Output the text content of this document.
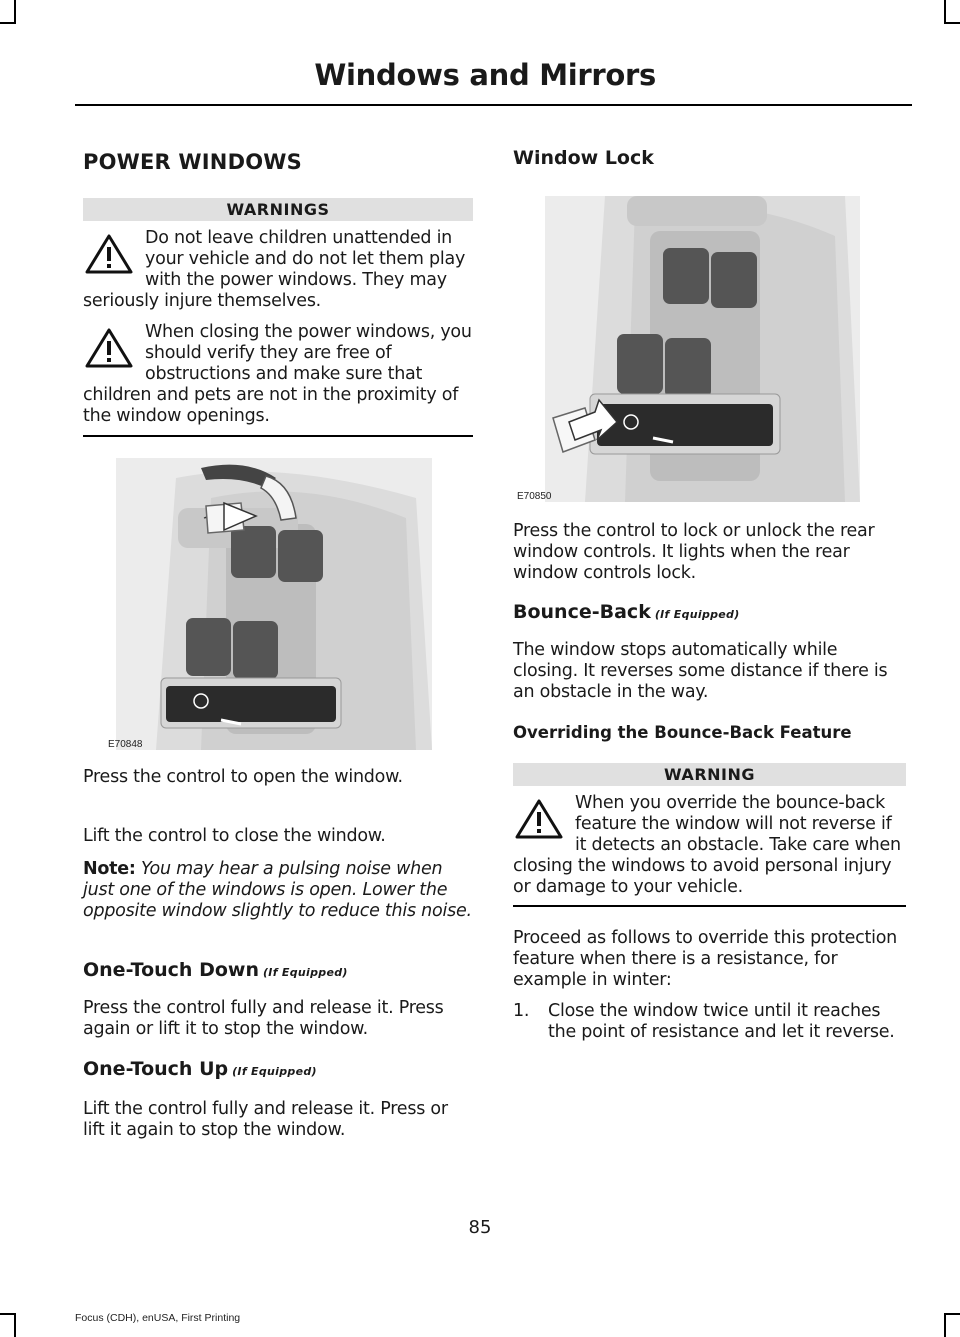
Windows and Mirrors
POWER WINDOWS
WARNINGS
Do not leave children unattended in your vehicle and do not let them play with the power windows. They may seriously injure themselves.
When closing the power windows, you should verify they are free of obstructions and make sure that children and pets are not in the proximity of the window openings.
E70848

Press the control to open the window.

Lift the control to close the window.

Note: You may hear a pulsing noise when just one of the windows is open. Lower the opposite window slightly to reduce this noise.

One-Touch Down (If Equipped)

Press the control fully and release it. Press again or lift it to stop the window.

One-Touch Up (If Equipped)

Lift the control fully and release it. Press or lift it again to stop the window.

Window Lock
E70850

Press the control to lock or unlock the rear window controls. It lights when the rear window controls lock.

Bounce-Back (If Equipped)

The window stops automatically while closing. It reverses some distance if there is an obstacle in the way.

Overriding the Bounce-Back Feature
WARNING
When you override the bounce-back feature the window will not reverse if it detects an obstacle. Take care when closing the windows to avoid personal injury or damage to your vehicle.

Proceed as follows to override this protection feature when there is a resistance, for example in winter:

1. Close the window twice until it reaches the point of resistance and let it reverse.
85
Focus (CDH), enUSA, First Printing
